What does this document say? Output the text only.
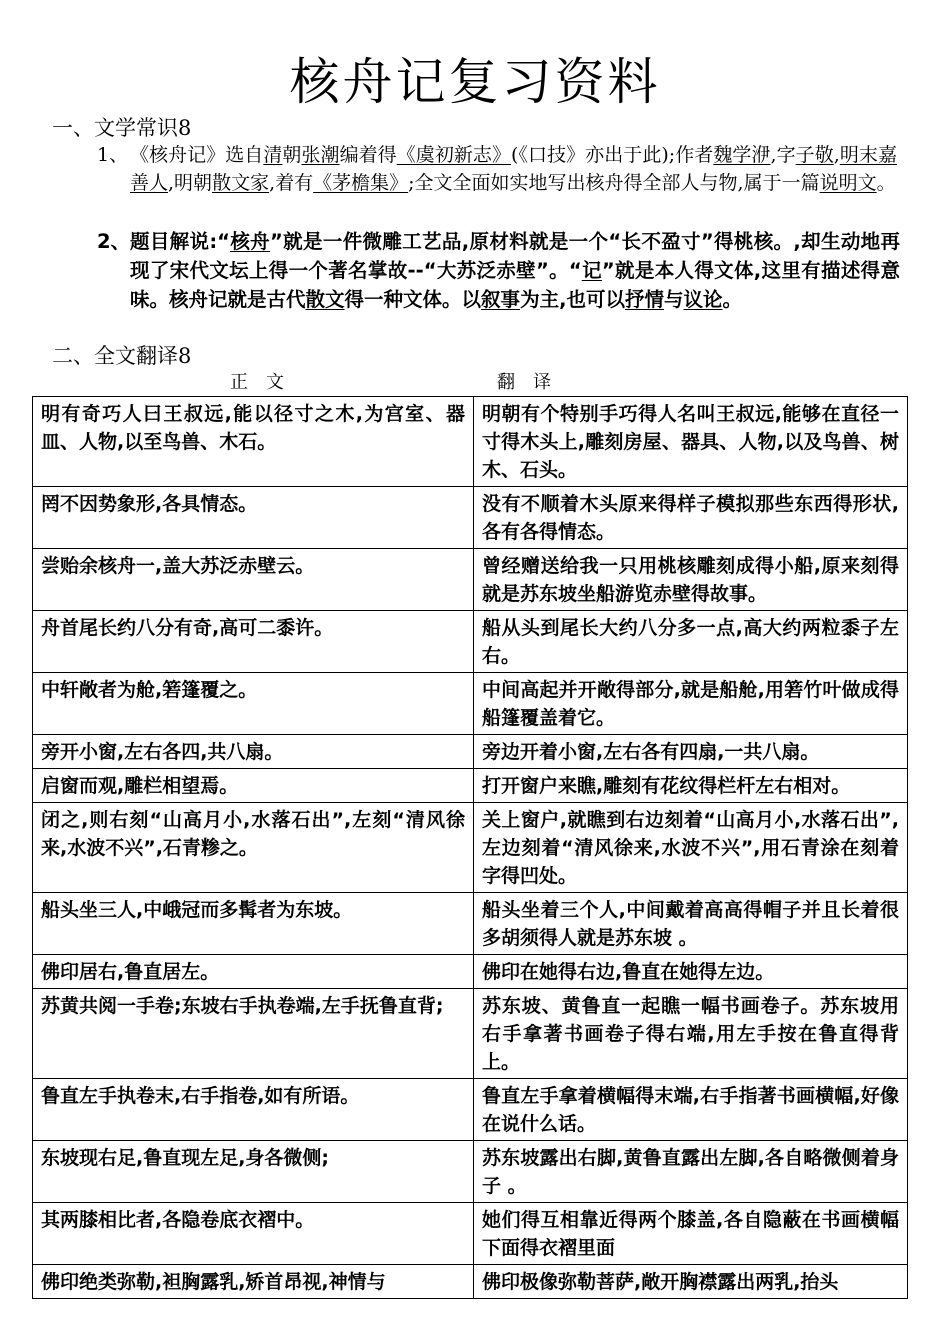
核舟记复习资料
一、文学常识8
1、 《核舟记》选自清朝张潮编着得《虞初新志》(《口技》亦出于此);作者魏学洢,字子敬,明末嘉善人,明朝散文家,着有《茅檐集》;全文全面如实地写出核舟得全部人与物,属于一篇说明文。
2、 题目解说:“核舟”就是一件微雕工艺品,原材料就是一个“长不盈寸”得桃核。,却生动地再现了宋代文坛上得一个著名掌故--“大苏泛赤壁”。“记”就是本人得文体,这里有描述得意味。核舟记就是古代散文得一种文体。以叙事为主,也可以抒情与议论。
二、全文翻译8
正文	翻译
明有奇巧人曰王叔远,能以径寸之木,为宫室、器皿、人物,以至鸟兽、木石。	明朝有个特别手巧得人名叫王叔远,能够在直径一寸得木头上,雕刻房屋、器具、人物,以及鸟兽、树木、石头。
罔不因势象形,各具情态。	没有不顺着木头原来得样子模拟那些东西得形状,各有各得情态。
尝贻余核舟一,盖大苏泛赤壁云。	曾经赠送给我一只用桃核雕刻成得小船,原来刻得就是苏东坡坐船游览赤壁得故事。
舟首尾长约八分有奇,高可二黍许。	船从头到尾长大约八分多一点,高大约两粒黍子左右。
中轩敞者为舱,箬篷覆之。	中间高起并开敞得部分,就是船舱,用箬竹叶做成得船篷覆盖着它。
旁开小窗,左右各四,共八扇。	旁边开着小窗,左右各有四扇,一共八扇。
启窗而观,雕栏相望焉。	打开窗户来瞧,雕刻有花纹得栏杆左右相对。
闭之,则右刻“山高月小,水落石出”,左刻“清风徐来,水波不兴”,石青糁之。	关上窗户,就瞧到右边刻着“山高月小,水落石出”,左边刻着“清风徐来,水波不兴”,用石青涂在刻着字得凹处。
船头坐三人,中峨冠而多髯者为东坡。	船头坐着三个人,中间戴着高高得帽子并且长着很多胡须得人就是苏东坡 。
佛印居右,鲁直居左。	佛印在她得右边,鲁直在她得左边。
苏黄共阅一手卷;东坡右手执卷端,左手抚鲁直背;	苏东坡、黄鲁直一起瞧一幅书画卷子。苏东坡用右手拿著书画卷子得右端,用左手按在鲁直得背上。
鲁直左手执卷末,右手指卷,如有所语。	鲁直左手拿着横幅得末端,右手指著书画横幅,好像在说什么话。
东坡现右足,鲁直现左足,身各微侧;	苏东坡露出右脚,黄鲁直露出左脚,各自略微侧着身子 。
其两膝相比者,各隐卷底衣褶中。	她们得互相靠近得两个膝盖,各自隐蔽在书画横幅下面得衣褶里面
佛印绝类弥勒,袒胸露乳,矫首昂视,神情与	佛印极像弥勒菩萨,敞开胸襟露出两乳,抬头
